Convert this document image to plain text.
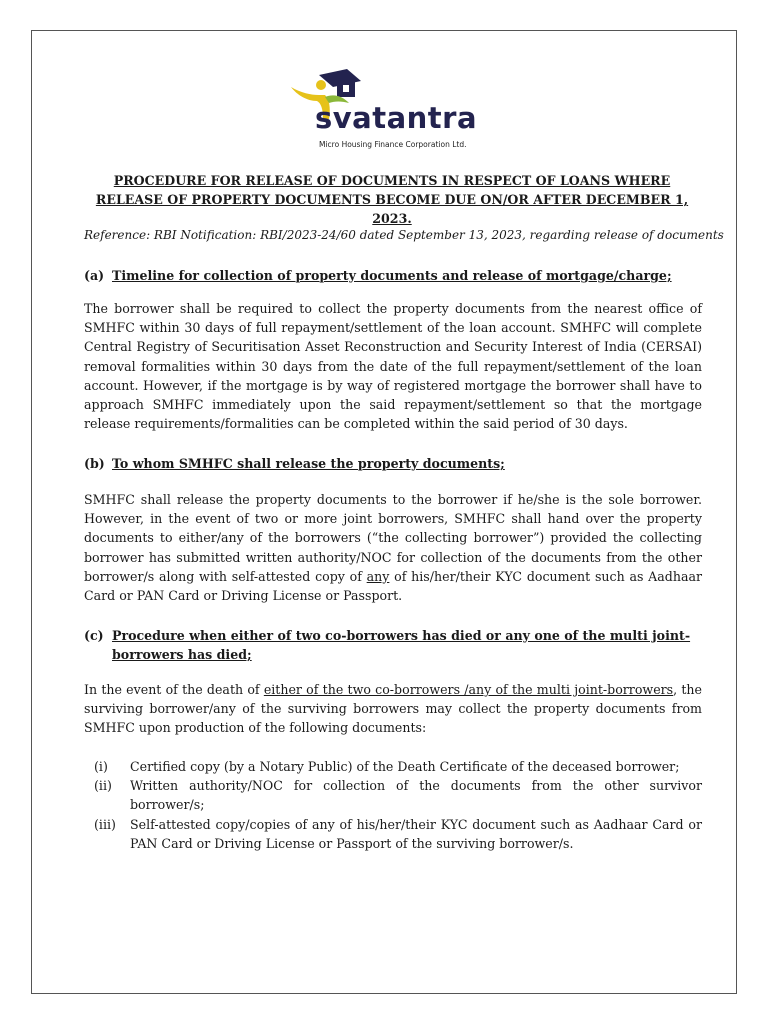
svatantra
Micro Housing Finance Corporation Ltd.
PROCEDURE FOR RELEASE OF DOCUMENTS IN RESPECT OF LOANS WHERE RELEASE OF PROPERTY DOCUMENTS BECOME DUE ON/OR AFTER DECEMBER 1, 2023.
Reference: RBI Notification: RBI/2023-24/60 dated September 13, 2023, regarding release of documents
(a) Timeline for collection of property documents and release of mortgage/charge;
The borrower shall be required to collect the property documents from the nearest office of SMHFC within 30 days of full repayment/settlement of the loan account. SMHFC will complete Central Registry of Securitisation Asset Reconstruction and Security Interest of India (CERSAI) removal formalities within 30 days from the date of the full repayment/settlement of the loan account. However, if the mortgage is by way of registered mortgage the borrower shall have to approach SMHFC immediately upon the said repayment/settlement so that the mortgage release requirements/formalities can be completed within the said period of 30 days.
(b) To whom SMHFC shall release the property documents;
SMHFC shall release the property documents to the borrower if he/she is the sole borrower. However, in the event of two or more joint borrowers, SMHFC shall hand over the property documents to either/any of the borrowers (“the collecting borrower”) provided the collecting borrower has submitted written authority/NOC for collection of the documents from the other borrower/s along with self-attested copy of any of his/her/their KYC document such as Aadhaar Card or PAN Card or Driving License or Passport.
(c) Procedure when either of two co-borrowers has died or any one of the multi joint-borrowers has died;
In the event of the death of either of the two co-borrowers /any of the multi joint-borrowers, the surviving borrower/any of the surviving borrowers may collect the property documents from SMHFC upon production of the following documents:
(i) Certified copy (by a Notary Public) of the Death Certificate of the deceased borrower;
(ii) Written authority/NOC for collection of the documents from the other survivor borrower/s;
(iii) Self-attested copy/copies of any of his/her/their KYC document such as Aadhaar Card or PAN Card or Driving License or Passport of the surviving borrower/s.
